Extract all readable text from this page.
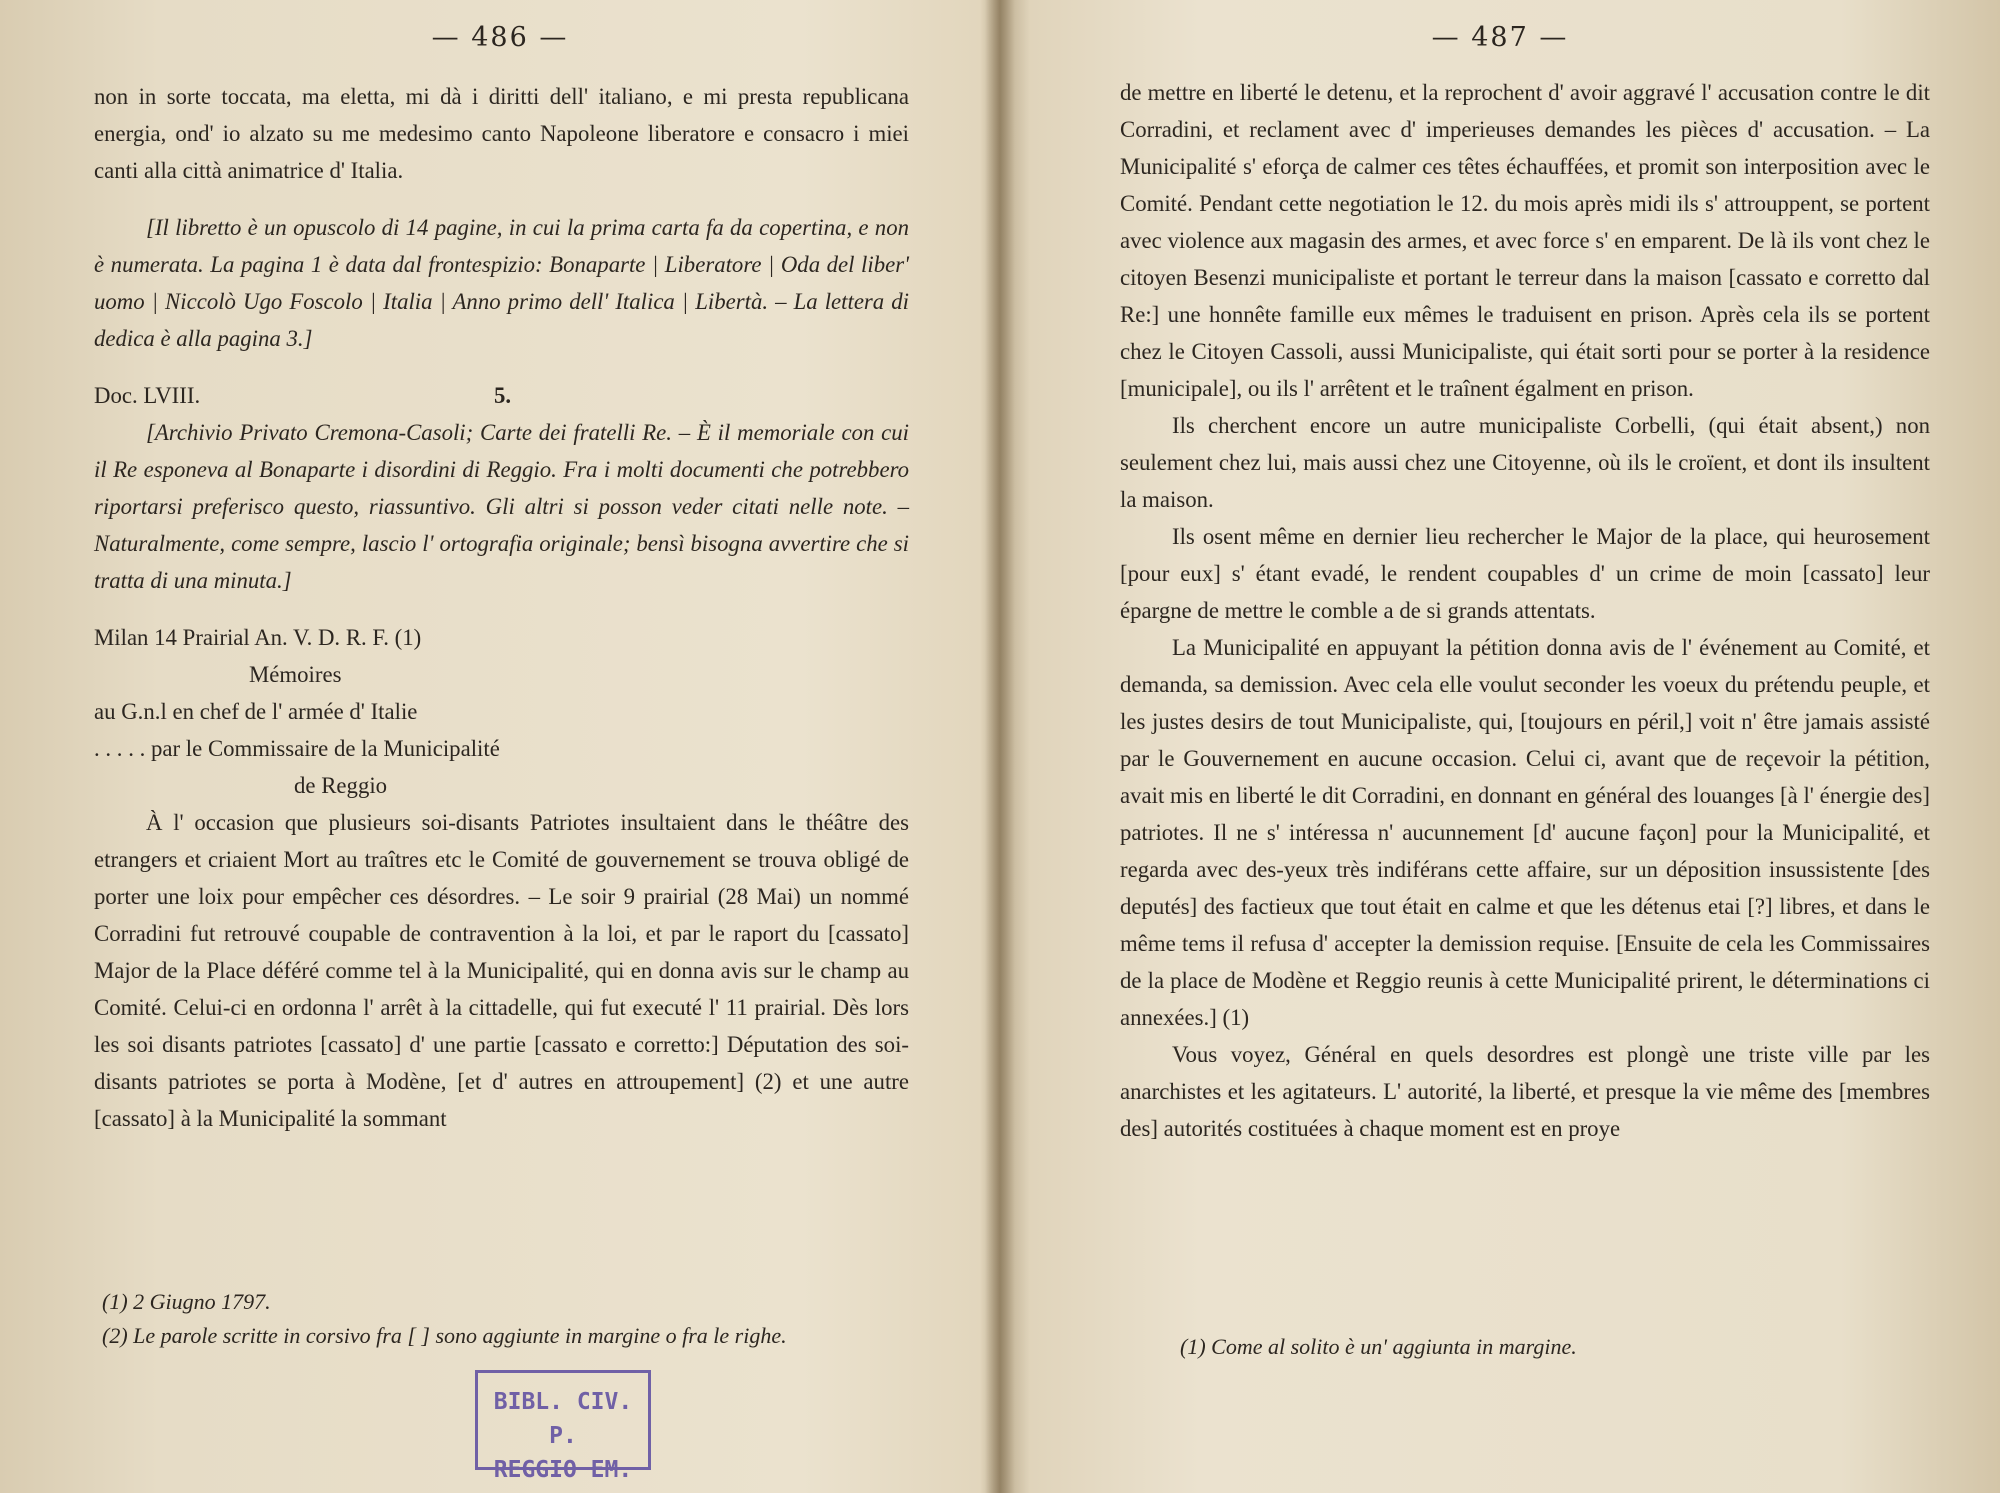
— 486 —

non in sorte toccata, ma eletta, mi dà i diritti dell' italiano, e mi presta republicana energia, ond' io alzato su me medesimo canto Napoleone liberatore e consacro i miei canti alla città animatrice d' Italia.

[Il libretto è un opuscolo di 14 pagine, in cui la prima carta fa da copertina, e non è numerata. La pagina 1 è data dal frontespizio: Bonaparte | Liberatore | Oda del liber' uomo | Niccolò Ugo Foscolo | Italia | Anno primo dell' Italica | Libertà. – La lettera di dedica è alla pagina 3.]

Doc. LVIII.	5.

[Archivio Privato Cremona-Casoli; Carte dei fratelli Re. – È il memoriale con cui il Re esponeva al Bonaparte i disordini di Reggio. Fra i molti documenti che potrebbero riportarsi preferisco questo, riassuntivo. Gli altri si posson veder citati nelle note. – Naturalmente, come sempre, lascio l' ortografia originale; bensì bisogna avvertire che si tratta di una minuta.]

Milan 14 Prairial An. V. D. R. F. (1)

Mémoires

au G.n.l en chef de l' armée d' Italie

. . . . . par le Commissaire de la Municipalité

de Reggio

À l' occasion que plusieurs soi-disants Patriotes insultaient dans le théâtre des etrangers et criaient Mort au traîtres etc le Comité de gouvernement se trouva obligé de porter une loix pour empêcher ces désordres. – Le soir 9 prairial (28 Mai) un nommé Corradini fut retrouvé coupable de contravention à la loi, et par le raport du [cassato] Major de la Place déféré comme tel à la Municipalité, qui en donna avis sur le champ au Comité. Celui-ci en ordonna l' arrêt à la cittadelle, qui fut executé l' 11 prairial. Dès lors les soi disants patriotes [cassato] d' une partie [cassato e corretto:] Députation des soi-disants patriotes se porta à Modène, [et d' autres en attroupement] (2) et une autre [cassato] à la Municipalité la sommant

(1) 2 Giugno 1797.

(2) Le parole scritte in corsivo fra [ ] sono aggiunte in margine o fra le righe.

BIBL. CIV. P.
REGGIO EM.
— 487 —

de mettre en liberté le detenu, et la reprochent d' avoir aggravé l' accusation contre le dit Corradini, et reclament avec d' imperieuses demandes les pièces d' accusation. – La Municipalité s' eforça de calmer ces têtes échauffées, et promit son interposition avec le Comité. Pendant cette negotiation le 12. du mois après midi ils s' attrouppent, se portent avec violence aux magasin des armes, et avec force s' en emparent. De là ils vont chez le citoyen Besenzi municipaliste et portant le terreur dans la maison [cassato e corretto dal Re:] une honnête famille eux mêmes le traduisent en prison. Après cela ils se portent chez le Citoyen Cassoli, aussi Municipaliste, qui était sorti pour se porter à la residence [municipale], ou ils l' arrêtent et le traînent égalment en prison.

Ils cherchent encore un autre municipaliste Corbelli, (qui était absent,) non seulement chez lui, mais aussi chez une Citoyenne, où ils le croïent, et dont ils insultent la maison.

Ils osent même en dernier lieu rechercher le Major de la place, qui heurosement [pour eux] s' étant evadé, le rendent coupables d' un crime de moin [cassato] leur épargne de mettre le comble a de si grands attentats.

La Municipalité en appuyant la pétition donna avis de l' événement au Comité, et demanda, sa demission. Avec cela elle voulut seconder les voeux du prétendu peuple, et les justes desirs de tout Municipaliste, qui, [toujours en péril,] voit n' être jamais assisté par le Gouvernement en aucune occasion. Celui ci, avant que de reçevoir la pétition, avait mis en liberté le dit Corradini, en donnant en général des louanges [à l' énergie des] patriotes. Il ne s' intéressa n' aucunnement [d' aucune façon] pour la Municipalité, et regarda avec des-yeux très indiférans cette affaire, sur un déposition insussistente [des deputés] des factieux que tout était en calme et que les détenus etai [?] libres, et dans le même tems il refusa d' accepter la demission requise. [Ensuite de cela les Commissaires de la place de Modène et Reggio reunis à cette Municipalité prirent, le déterminations ci annexées.] (1)

Vous voyez, Général en quels desordres est plongè une triste ville par les anarchistes et les agitateurs. L' autorité, la liberté, et presque la vie même des [membres des] autorités costituées à chaque moment est en proye

(1) Come al solito è un' aggiunta in margine.
